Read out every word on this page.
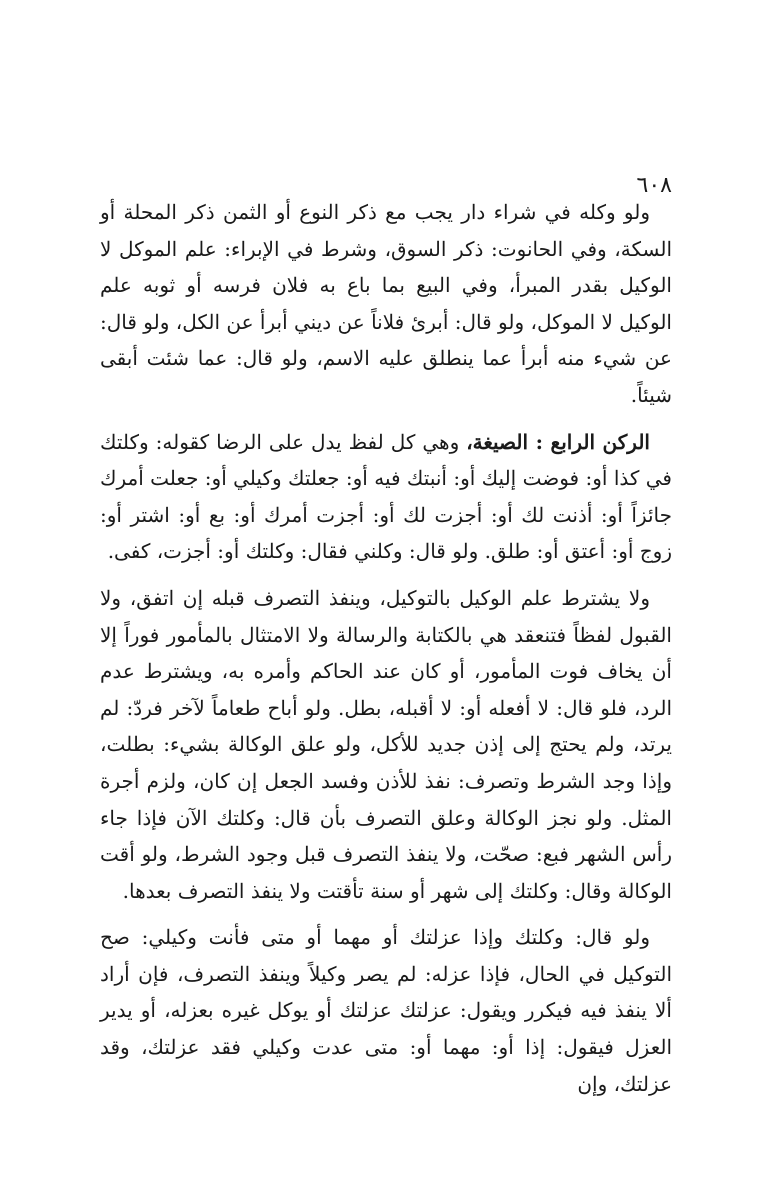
٦٠٨

ولو وكله في شراء دار يجب مع ذكر النوع أو الثمن ذكر المحلة أو السكة، وفي الحانوت: ذكر السوق، وشرط في الإبراء: علم الموكل لا الوكيل بقدر المبرأ، وفي البيع بما باع به فلان فرسه أو ثوبه علم الوكيل لا الموكل، ولو قال: أبرئ فلاناً عن ديني أبرأ عن الكل، ولو قال: عن شيء منه أبرأ عما ينطلق عليه الاسم، ولو قال: عما شئت أبقى شيئاً.

الركن الرابع : الصيغة، وهي كل لفظ يدل على الرضا كقوله: وكلتك في كذا أو: فوضت إليك أو: أنبتك فيه أو: جعلتك وكيلي أو: جعلت أمرك جائزاً أو: أذنت لك أو: أجزت لك أو: أجزت أمرك أو: بع أو: اشتر أو: زوج أو: أعتق أو: طلق. ولو قال: وكلني فقال: وكلتك أو: أجزت، كفى.

ولا يشترط علم الوكيل بالتوكيل، وينفذ التصرف قبله إن اتفق، ولا القبول لفظاً فتنعقد هي بالكتابة والرسالة ولا الامتثال بالمأمور فوراً إلا أن يخاف فوت المأمور، أو كان عند الحاكم وأمره به، ويشترط عدم الرد، فلو قال: لا أفعله أو: لا أقبله، بطل. ولو أباح طعاماً لآخر فردّ: لم يرتد، ولم يحتج إلى إذن جديد للأكل، ولو علق الوكالة بشيء: بطلت، وإذا وجد الشرط وتصرف: نفذ للأذن وفسد الجعل إن كان، ولزم أجرة المثل. ولو نجز الوكالة وعلق التصرف بأن قال: وكلتك الآن فإذا جاء رأس الشهر فبع: صحّت، ولا ينفذ التصرف قبل وجود الشرط، ولو أقت الوكالة وقال: وكلتك إلى شهر أو سنة تأقتت ولا ينفذ التصرف بعدها.

ولو قال: وكلتك وإذا عزلتك أو مهما أو متى فأنت وكيلي: صح التوكيل في الحال، فإذا عزله: لم يصر وكيلاً وينفذ التصرف، فإن أراد ألا ينفذ فيه فيكرر ويقول: عزلتك عزلتك أو يوكل غيره بعزله، أو يدير العزل فيقول: إذا أو: مهما أو: متى عدت وكيلي فقد عزلتك، وقد عزلتك، وإن
